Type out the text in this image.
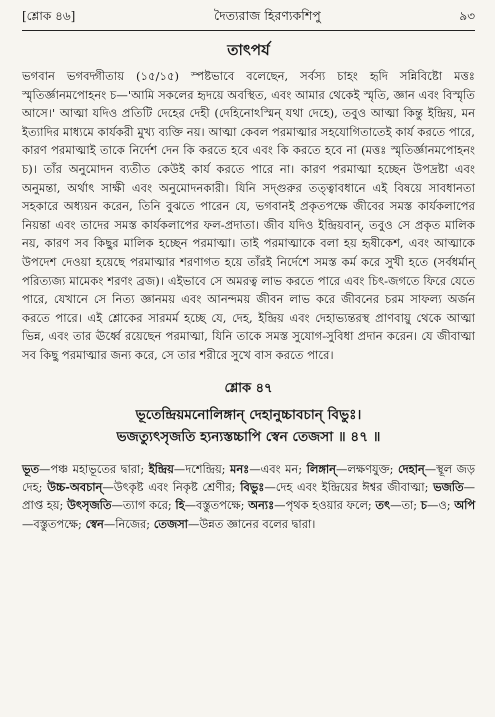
[শ্লোক ৪৬]	দৈত্যরাজ হিরণ্যকশিপু	৯৩
তাৎপর্য

ভগবান ভগবদ্গীতায় (১৫/১৫) স্পষ্টভাবে বলেছেন, সর্বস্য চাহং হৃদি সন্নিবিষ্টো মত্তঃ স্মৃতির্জ্ঞানমপোহনং চ—'আমি সকলের হৃদয়ে অবস্থিত, এবং আমার থেকেই স্মৃতি, জ্ঞান এবং বিস্মৃতি আসে।' আত্মা যদিও প্রতিটি দেহের দেহী (দেহিনোঽস্মিন্ যথা দেহে), তবুও আত্মা কিন্তু ইন্দ্রিয়, মন ইত্যাদির মাধ্যমে কার্যকরী মুখ্য ব্যক্তি নয়। আত্মা কেবল পরমাত্মার সহযোগিতাতেই কার্য করতে পারে, কারণ পরমাত্মাই তাকে নির্দেশ দেন কি করতে হবে এবং কি করতে হবে না (মত্তঃ স্মৃতির্জ্ঞানমপোহনং চ)। তাঁর অনুমোদন ব্যতীত কেউই কার্য করতে পারে না। কারণ পরমাত্মা হচ্ছেন উপদ্রষ্টা এবং অনুমন্তা, অর্থাৎ সাক্ষী এবং অনুমোদনকারী। যিনি সদ্গুরুর তত্ত্বাবধানে এই বিষয়ে সাবধানতা সহকারে অধ্যয়ন করেন, তিনি বুঝতে পারেন যে, ভগবানই প্রকৃতপক্ষে জীবের সমস্ত কার্যকলাপের নিয়ন্তা এবং তাদের সমস্ত কার্যকলাপের ফল-প্রদাতা। জীব যদিও ইন্দ্রিয়বান্, তবুও সে প্রকৃত মালিক নয়, কারণ সব কিছুর মালিক হচ্ছেন পরমাত্মা। তাই পরমাত্মাকে বলা হয় হৃষীকেশ, এবং আত্মাকে উপদেশ দেওয়া হয়েছে পরমাত্মার শরণাগত হয়ে তাঁরই নির্দেশে সমস্ত কর্ম করে সুখী হতে (সর্বধর্মান্ পরিত্যজ্য মামেকং শরণং ব্রজ)। এইভাবে সে অমরত্ব লাভ করতে পারে এবং চিৎ-জগতে ফিরে যেতে পারে, যেখানে সে নিত্য জ্ঞানময় এবং আনন্দময় জীবন লাভ করে জীবনের চরম সাফল্য অর্জন করতে পারে। এই শ্লোকের সারমর্ম হচ্ছে যে, দেহ, ইন্দ্রিয় এবং দেহাভ্যন্তরস্থ প্রাণবায়ু থেকে আত্মা ভিন্ন, এবং তার ঊর্ধ্বে রয়েছেন পরমাত্মা, যিনি তাকে সমস্ত সুযোগ-সুবিধা প্রদান করেন। যে জীবাত্মা সব কিছু পরমাত্মার জন্য করে, সে তার শরীরে সুখে বাস করতে পারে।

শ্লোক ৪৭
ভূতেন্দ্রিয়মনোলিঙ্গান্ দেহানুচ্চাবচান্ বিভুঃ।
ভজত্যুৎসৃজতি হ্যন্যস্তচ্চাপি স্বেন তেজসা ॥ ৪৭ ॥
ভূত—পঞ্চ মহাভূতের দ্বারা; ইন্দ্রিয়—দশেন্দ্রিয়; মনঃ—এবং মন; লিঙ্গান্—লক্ষণযুক্ত; দেহান্—স্থূল জড় দেহ; উচ্চ-অবচান্—উৎকৃষ্ট এবং নিকৃষ্ট শ্রেণীর; বিভুঃ—দেহ এবং ইন্দ্রিয়ের ঈশ্বর জীবাত্মা; ভজতি—প্রাপ্ত হয়; উৎসৃজতি—ত্যাগ করে; হি—বস্তুতপক্ষে; অন্যঃ—পৃথক হওয়ার ফলে; তৎ—তা; চ—ও; অপি—বস্তুতপক্ষে; স্বেন—নিজের; তেজসা—উন্নত জ্ঞানের বলের দ্বারা।
